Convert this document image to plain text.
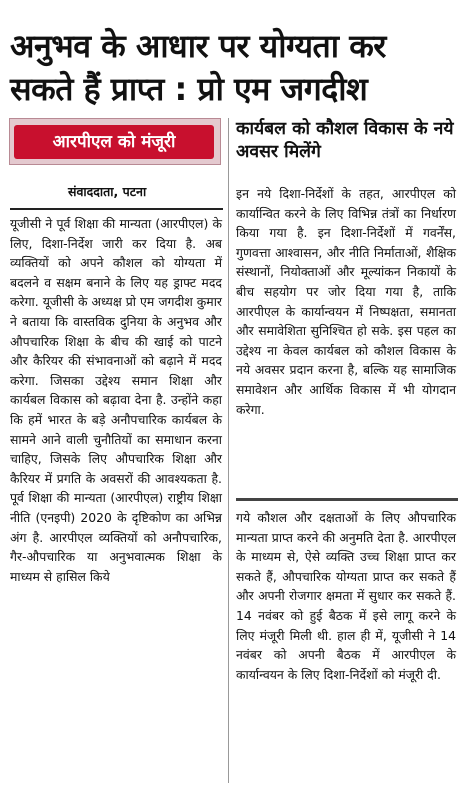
अनुभव के आधार पर योग्यता कर सकते हैं प्राप्त : प्रो एम जगदीश
आरपीएल को मंजूरी
संवाददाता, पटना

यूजीसी ने पूर्व शिक्षा की मान्यता (आरपीएल) के लिए, दिशा-निर्देश जारी कर दिया है. अब व्यक्तियों को अपने कौशल को योग्यता में बदलने व सक्षम बनाने के लिए यह ड्राफ्ट मदद करेगा. यूजीसी के अध्यक्ष प्रो एम जगदीश कुमार ने बताया कि वास्तविक दुनिया के अनुभव और औपचारिक शिक्षा के बीच की खाई को पाटने और कैरियर की संभावनाओं को बढ़ाने में मदद करेगा. जिसका उद्देश्य समान शिक्षा और कार्यबल विकास को बढ़ावा देना है. उन्होंने कहा कि हमें भारत के बड़े अनौपचारिक कार्यबल के सामने आने वाली चुनौतियों का समाधान करना चाहिए, जिसके लिए औपचारिक शिक्षा और कैरियर में प्रगति के अवसरों की आवश्यकता है. पूर्व शिक्षा की मान्यता (आरपीएल) राष्ट्रीय शिक्षा नीति (एनइपी) 2020 के दृष्टिकोण का अभिन्न अंग है. आरपीएल व्यक्तियों को अनौपचारिक, गैर-औपचारिक या अनुभवात्मक शिक्षा के माध्यम से हासिल किये

कार्यबल को कौशल विकास के नये अवसर मिलेंगे

इन नये दिशा-निर्देशों के तहत, आरपीएल को कार्यान्वित करने के लिए विभिन्न तंत्रों का निर्धारण किया गया है. इन दिशा-निर्देशों में गवर्नेंस, गुणवत्ता आश्वासन, और नीति निर्माताओं, शैक्षिक संस्थानों, नियोक्ताओं और मूल्यांकन निकायों के बीच सहयोग पर जोर दिया गया है, ताकि आरपीएल के कार्यान्वयन में निष्पक्षता, समानता और समावेशिता सुनिश्चित हो सके. इस पहल का उद्देश्य ना केवल कार्यबल को कौशल विकास के नये अवसर प्रदान करना है, बल्कि यह सामाजिक समावेशन और आर्थिक विकास में भी योगदान करेगा.

गये कौशल और दक्षताओं के लिए औपचारिक मान्यता प्राप्त करने की अनुमति देता है. आरपीएल के माध्यम से, ऐसे व्यक्ति उच्च शिक्षा प्राप्त कर सकते हैं, औपचारिक योग्यता प्राप्त कर सकते हैं और अपनी रोजगार क्षमता में सुधार कर सकते हैं. 14 नवंबर को हुई बैठक में इसे लागू करने के लिए मंजूरी मिली थी. हाल ही में, यूजीसी ने 14 नवंबर को अपनी बैठक में आरपीएल के कार्यान्वयन के लिए दिशा-निर्देशों को मंजूरी दी.
